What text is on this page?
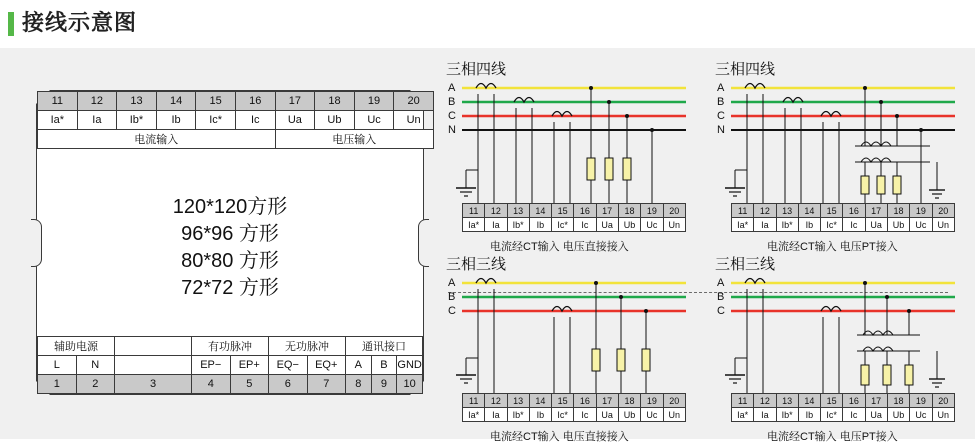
接线示意图
11	12	13	14	15	16	17	18	19	20
Ia*	Ia	Ib*	Ib	Ic*	Ic	Ua	Ub	Uc	Un
电流输入						电压输入			
120*120方形
96*96 方形
80*80 方形
72*72 方形
辅助电源			有功脉冲		无功脉冲		通讯接口		
L	N		EP−	EP+	EQ−	EQ+	A	B	GND
1	2	3	4	5	6	7	8	9	10
三相四线
A
B
C
N
11	12	13	14	15	16	17	18	19	20
Ia*	Ia	Ib*	Ib	Ic*	Ic	Ua	Ub	Uc	Un
电流经CT输入 电压直接接入
三相四线
A
B
C
N
11	12	13	14	15	16	17	18	19	20
Ia*	Ia	Ib*	Ib	Ic*	Ic	Ua	Ub	Uc	Un
电流经CT输入 电压PT接入
三相三线
A
B
C
11	12	13	14	15	16	17	18	19	20
Ia*	Ia	Ib*	Ib	Ic*	Ic	Ua	Ub	Uc	Un
电流经CT输入 电压直接接入
三相三线
A
B
C
11	12	13	14	15	16	17	18	19	20
Ia*	Ia	Ib*	Ib	Ic*	Ic	Ua	Ub	Uc	Un
电流经CT输入 电压PT接入
